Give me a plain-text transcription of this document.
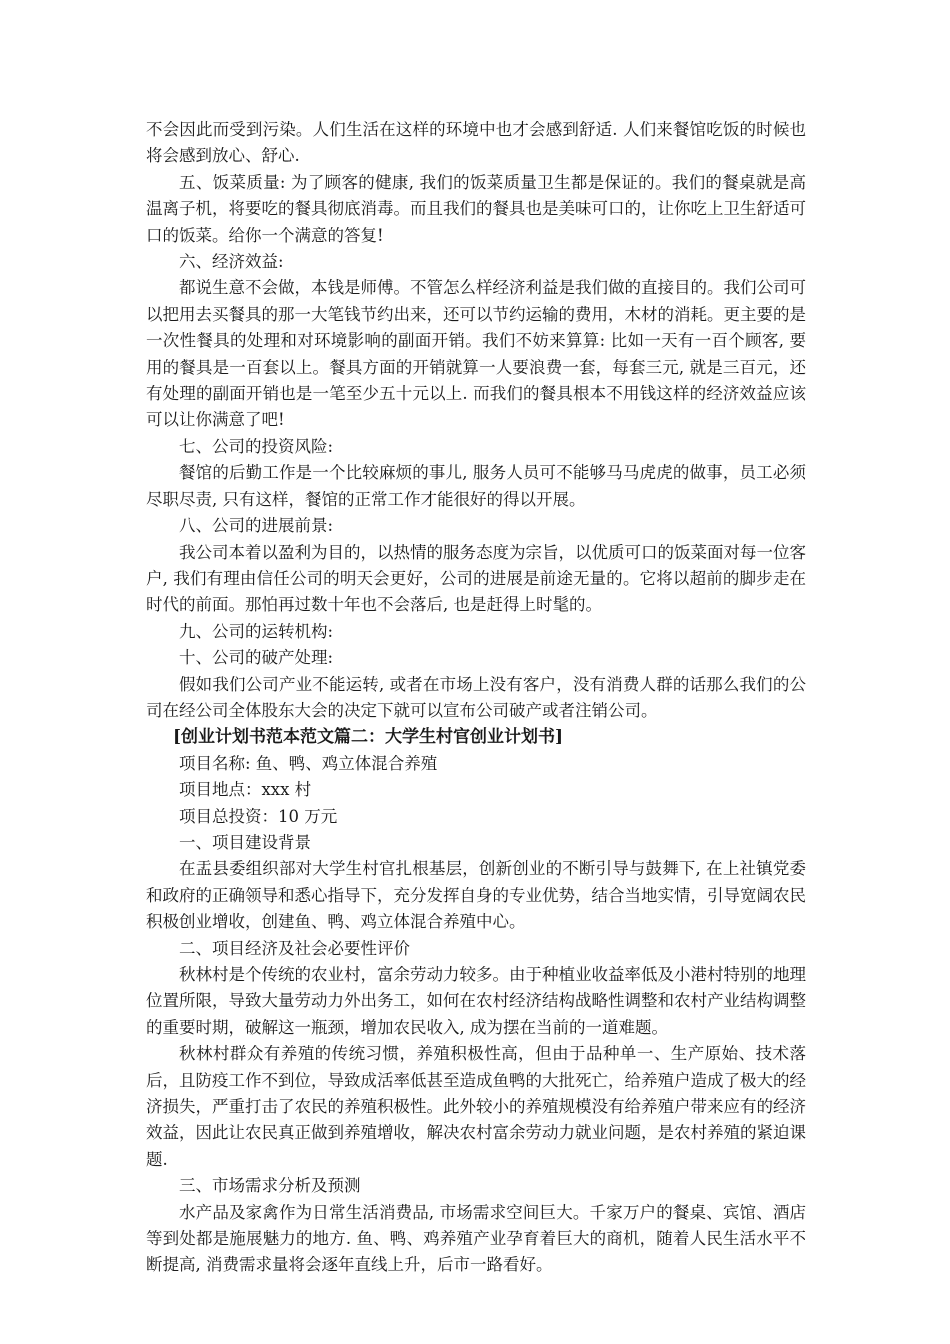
不会因此而受到污染。人们生活在这样的环境中也才会感到舒适. 人们来餐馆吃饭的时候也将会感到放心、舒心.

五、饭菜质量: 为了顾客的健康, 我们的饭菜质量卫生都是保证的。我们的餐桌就是高温离子机，将要吃的餐具彻底消毒。而且我们的餐具也是美味可口的，让你吃上卫生舒适可口的饭菜。给你一个满意的答复!

六、经济效益:

都说生意不会做，本钱是师傅。不管怎么样经济利益是我们做的直接目的。我们公司可以把用去买餐具的那一大笔钱节约出来，还可以节约运输的费用，木材的消耗。更主要的是一次性餐具的处理和对环境影响的副面开销。我们不妨来算算: 比如一天有一百个顾客, 要用的餐具是一百套以上。餐具方面的开销就算一人要浪费一套，每套三元, 就是三百元，还有处理的副面开销也是一笔至少五十元以上. 而我们的餐具根本不用钱这样的经济效益应该可以让你满意了吧!

七、公司的投资风险:

餐馆的后勤工作是一个比较麻烦的事儿, 服务人员可不能够马马虎虎的做事，员工必须尽职尽责, 只有这样，餐馆的正常工作才能很好的得以开展。

八、公司的进展前景:

我公司本着以盈利为目的，以热情的服务态度为宗旨，以优质可口的饭菜面对每一位客户, 我们有理由信任公司的明天会更好，公司的进展是前途无量的。它将以超前的脚步走在时代的前面。那怕再过数十年也不会落后, 也是赶得上时髦的。

九、公司的运转机构:

十、公司的破产处理:

假如我们公司产业不能运转, 或者在市场上没有客户，没有消费人群的话那么我们的公司在经公司全体股东大会的决定下就可以宣布公司破产或者注销公司。

[创业计划书范本范文篇二：大学生村官创业计划书]

项目名称: 鱼、鸭、鸡立体混合养殖

项目地点：xxx 村

项目总投资：10 万元

一、项目建设背景

在盂县委组织部对大学生村官扎根基层，创新创业的不断引导与鼓舞下, 在上社镇党委和政府的正确领导和悉心指导下，充分发挥自身的专业优势，结合当地实情，引导宽阔农民积极创业增收，创建鱼、鸭、鸡立体混合养殖中心。

二、项目经济及社会必要性评价

秋林村是个传统的农业村，富余劳动力较多。由于种植业收益率低及小港村特别的地理位置所限，导致大量劳动力外出务工，如何在农村经济结构战略性调整和农村产业结构调整的重要时期，破解这一瓶颈，增加农民收入, 成为摆在当前的一道难题。

秋林村群众有养殖的传统习惯，养殖积极性高，但由于品种单一、生产原始、技术落后，且防疫工作不到位，导致成活率低甚至造成鱼鸭的大批死亡，给养殖户造成了极大的经济损失，严重打击了农民的养殖积极性。此外较小的养殖规模没有给养殖户带来应有的经济效益，因此让农民真正做到养殖增收，解决农村富余劳动力就业问题，是农村养殖的紧迫课题.

三、市场需求分析及预测

水产品及家禽作为日常生活消费品, 市场需求空间巨大。千家万户的餐桌、宾馆、酒店等到处都是施展魅力的地方. 鱼、鸭、鸡养殖产业孕育着巨大的商机，随着人民生活水平不断提高, 消费需求量将会逐年直线上升，后市一路看好。
